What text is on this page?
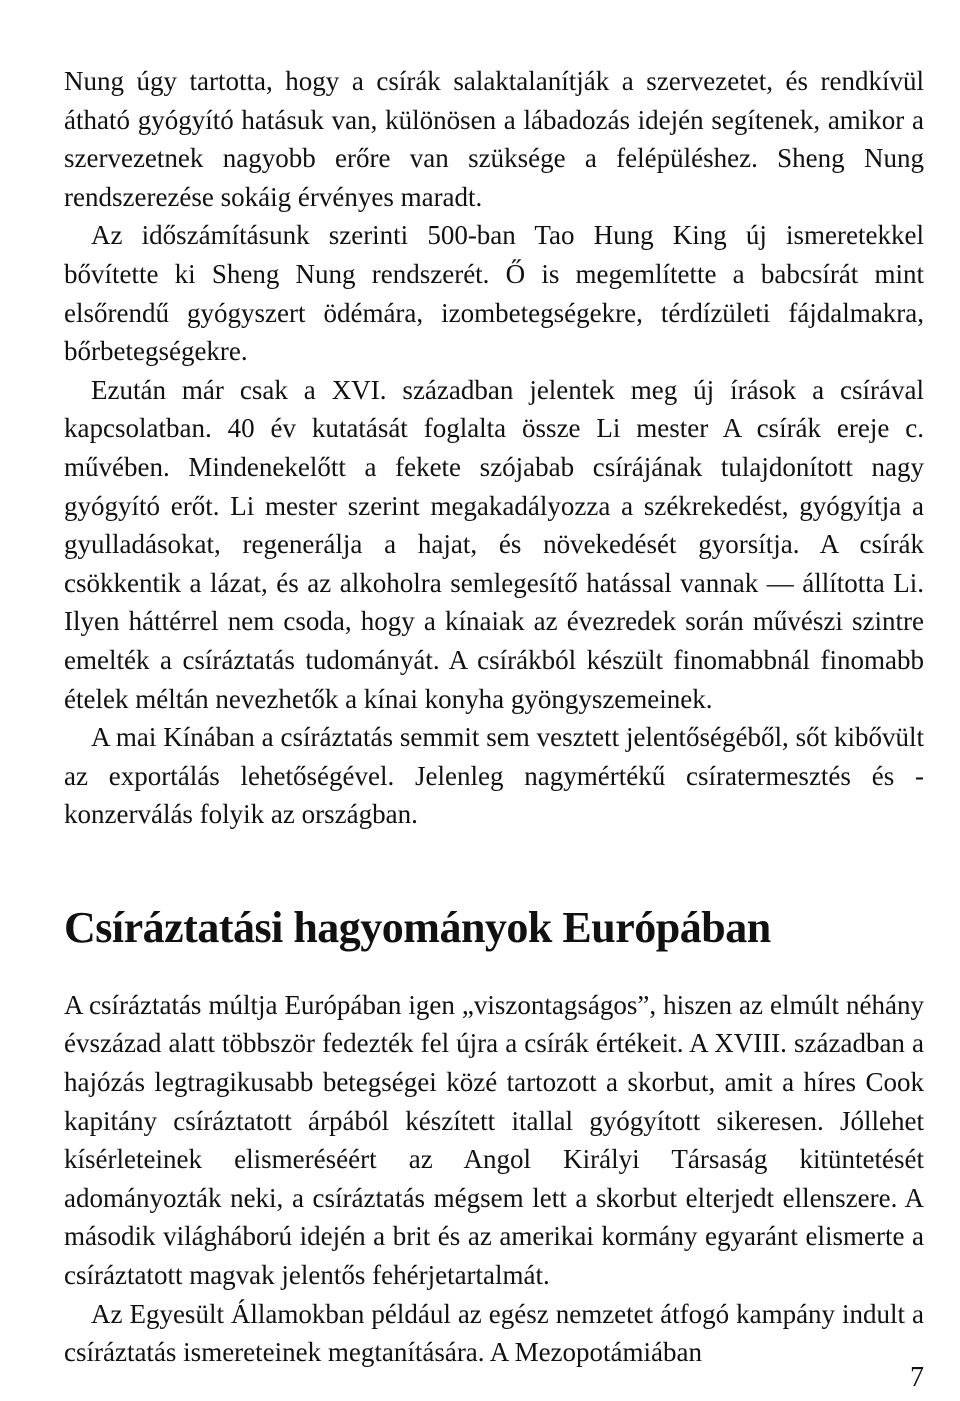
Nung úgy tartotta, hogy a csírák salaktalanítják a szervezetet, és rendkívül átható gyógyító hatásuk van, különösen a lábadozás idején segítenek, amikor a szervezetnek nagyobb erőre van szüksége a felépüléshez. Sheng Nung rendszerezése sokáig érvényes maradt.

Az időszámításunk szerinti 500-ban Tao Hung King új ismeretekkel bővítette ki Sheng Nung rendszerét. Ő is megemlítette a babcsírát mint elsőrendű gyógyszert ödémára, izombetegségekre, térdízületi fájdalmakra, bőrbetegségekre.

Ezután már csak a XVI. században jelentek meg új írások a csírával kapcsolatban. 40 év kutatását foglalta össze Li mester A csírák ereje c. művében. Mindenekelőtt a fekete szójabab csírájának tulajdonított nagy gyógyító erőt. Li mester szerint megakadályozza a székrekedést, gyógyítja a gyulladásokat, regenerálja a hajat, és növekedését gyorsítja. A csírák csökkentik a lázat, és az alkoholra semlegesítő hatással vannak — állította Li. Ilyen háttérrel nem csoda, hogy a kínaiak az évezredek során művészi szintre emelték a csíráztatás tudományát. A csírákból készült finomabbnál finomabb ételek méltán nevezhetők a kínai konyha gyöngyszemeinek.

A mai Kínában a csíráztatás semmit sem vesztett jelentőségéből, sőt kibővült az exportálás lehetőségével. Jelenleg nagymértékű csíratermesztés és -konzerválás folyik az országban.

Csíráztatási hagyományok Európában

A csíráztatás múltja Európában igen „viszontagságos”, hiszen az elmúlt néhány évszázad alatt többször fedezték fel újra a csírák értékeit. A XVIII. században a hajózás legtragikusabb betegségei közé tartozott a skorbut, amit a híres Cook kapitány csíráztatott árpából készített itallal gyógyított sikeresen. Jóllehet kísérleteinek elismeréséért az Angol Királyi Társaság kitüntetését adományozták neki, a csíráztatás mégsem lett a skorbut elterjedt ellenszere. A második világháború idején a brit és az amerikai kormány egyaránt elismerte a csíráztatott magvak jelentős fehérjetartalmát.

Az Egyesült Államokban például az egész nemzetet átfogó kampány indult a csíráztatás ismereteinek megtanítására. A Mezopotámiában

7
